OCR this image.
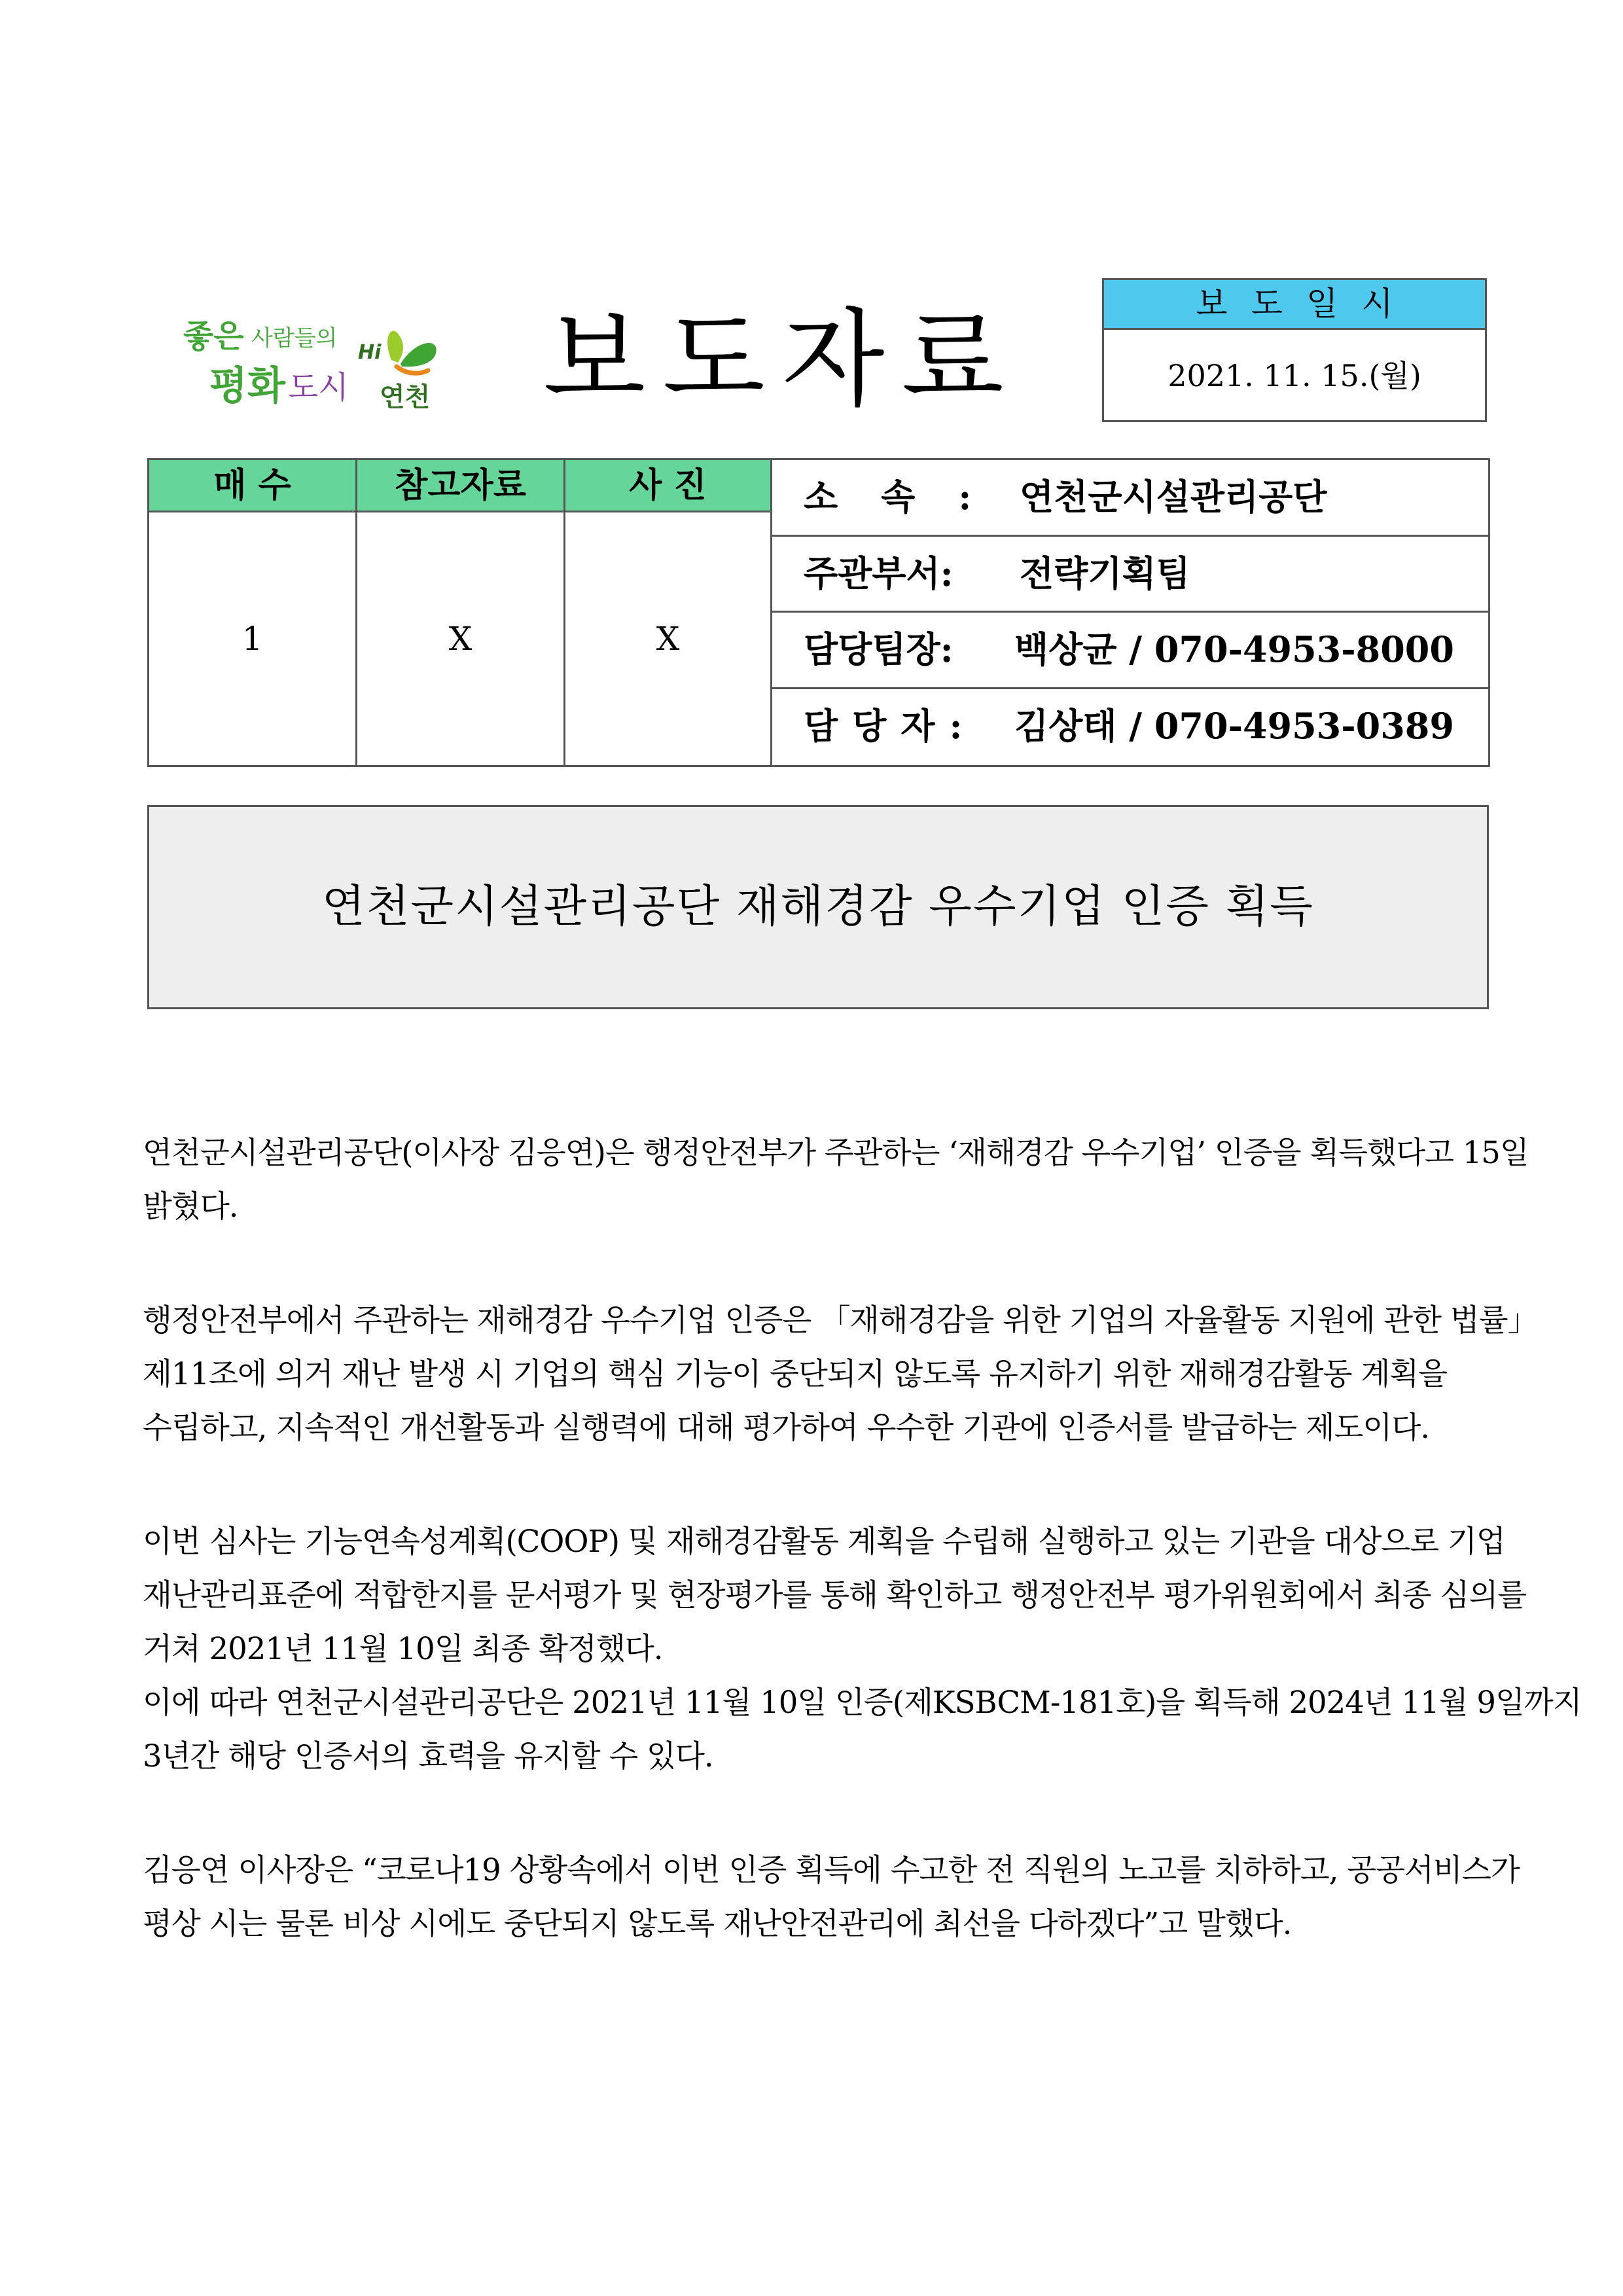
좋은 사람들의
평화 도시
Hi
연천 보도자료	보도일시
2021. 11. 15.(월)
매 수	참고자료	사 진
1	X	X
소속: 연천군시설관리공단
주관부서: 전략기획팀
담당팀장: 백상균 / 070-4953-8000
담당자: 김상태 / 070-4953-0389
연천군시설관리공단 재해경감 우수기업 인증 획득
연천군시설관리공단(이사장 김응연)은 행정안전부가 주관하는 ‘재해경감 우수기업’ 인증을 획득했다고 15일
밝혔다.
행정안전부에서 주관하는 재해경감 우수기업 인증은 「재해경감을 위한 기업의 자율활동 지원에 관한 법률」
제11조에 의거 재난 발생 시 기업의 핵심 기능이 중단되지 않도록 유지하기 위한 재해경감활동 계획을
수립하고, 지속적인 개선활동과 실행력에 대해 평가하여 우수한 기관에 인증서를 발급하는 제도이다.
이번 심사는 기능연속성계획(COOP) 및 재해경감활동 계획을 수립해 실행하고 있는 기관을 대상으로 기업
재난관리표준에 적합한지를 문서평가 및 현장평가를 통해 확인하고 행정안전부 평가위원회에서 최종 심의를
거쳐 2021년 11월 10일 최종 확정했다.
이에 따라 연천군시설관리공단은 2021년 11월 10일 인증(제KSBCM-181호)을 획득해 2024년 11월 9일까지
3년간 해당 인증서의 효력을 유지할 수 있다.
김응연 이사장은 “코로나19 상황속에서 이번 인증 획득에 수고한 전 직원의 노고를 치하하고, 공공서비스가
평상 시는 물론 비상 시에도 중단되지 않도록 재난안전관리에 최선을 다하겠다”고 말했다.
